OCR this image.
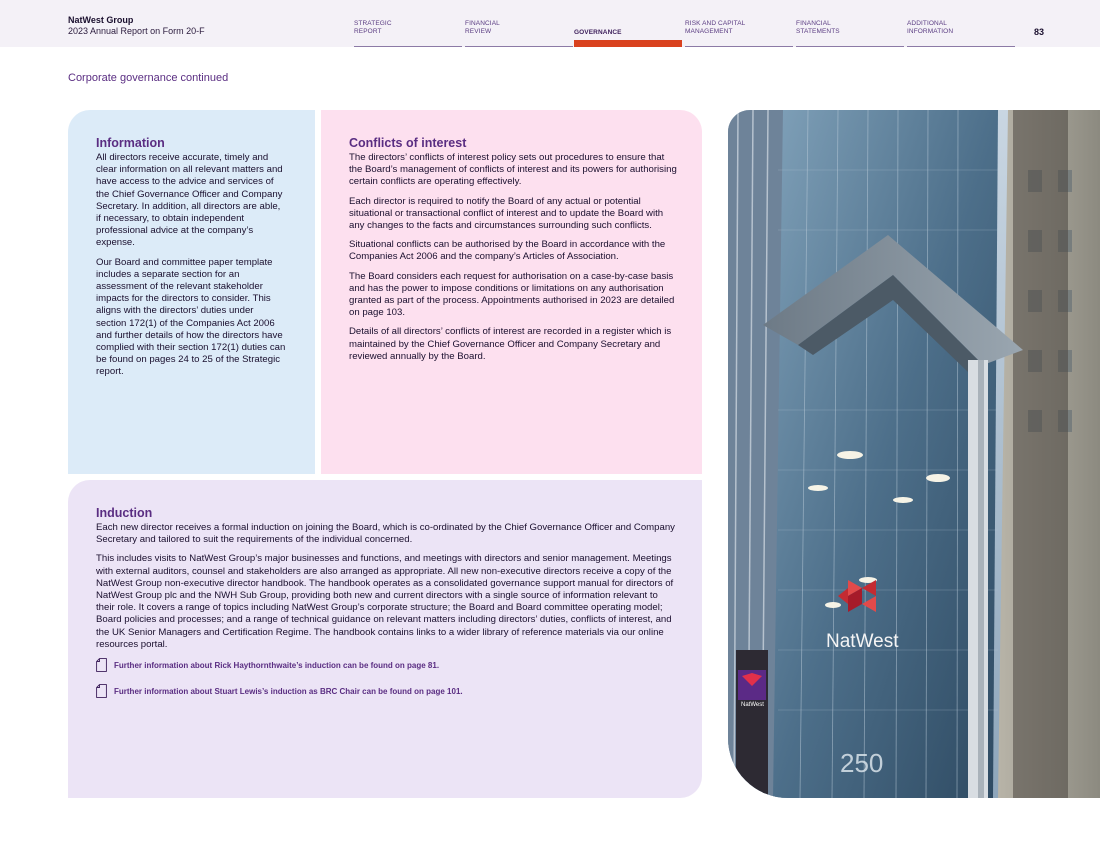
NatWest Group
2023 Annual Report on Form 20-F
STRATEGIC REPORT
FINANCIAL REVIEW	GOVERNANCE
RISK AND CAPITAL MANAGEMENT
FINANCIAL STATEMENTS
ADDITIONAL INFORMATION	83
Corporate governance continued
Information

All directors receive accurate, timely and clear information on all relevant matters and have access to the advice and services of the Chief Governance Officer and Company Secretary. In addition, all directors are able, if necessary, to obtain independent professional advice at the company’s expense.

Our Board and committee paper template includes a separate section for an assessment of the relevant stakeholder impacts for the directors to consider. This aligns with the directors’ duties under section 172(1) of the Companies Act 2006 and further details of how the directors have complied with their section 172(1) duties can be found on pages 24 to 25 of the Strategic report.

Conflicts of interest

The directors’ conflicts of interest policy sets out procedures to ensure that the Board’s management of conflicts of interest and its powers for authorising certain conflicts are operating effectively.

Each director is required to notify the Board of any actual or potential situational or transactional conflict of interest and to update the Board with any changes to the facts and circumstances surrounding such conflicts.

Situational conflicts can be authorised by the Board in accordance with the Companies Act 2006 and the company’s Articles of Association.

The Board considers each request for authorisation on a case-by-case basis and has the power to impose conditions or limitations on any authorisation granted as part of the process. Appointments authorised in 2023 are detailed on page 103.

Details of all directors’ conflicts of interest are recorded in a register which is maintained by the Chief Governance Officer and Company Secretary and reviewed annually by the Board.

Induction

Each new director receives a formal induction on joining the Board, which is co-ordinated by the Chief Governance Officer and Company Secretary and tailored to suit the requirements of the individual concerned.

This includes visits to NatWest Group’s major businesses and functions, and meetings with directors and senior management. Meetings with external auditors, counsel and stakeholders are also arranged as appropriate. All new non-executive directors receive a copy of the NatWest Group non-executive director handbook. The handbook operates as a consolidated governance support manual for directors of NatWest Group plc and the NWH Sub Group, providing both new and current directors with a single source of information relevant to their role. It covers a range of topics including NatWest Group’s corporate structure; the Board and Board committee operating model; Board policies and processes; and a range of technical guidance on relevant matters including directors’ duties, conflicts of interest, and the UK Senior Managers and Certification Regime. The handbook contains links to a wider library of reference materials via our online resources portal.

Further information about Rick Haythornthwaite’s induction can be found on page 81.
Further information about Stuart Lewis’s induction as BRC Chair can be found on page 101.
NatWest
NatWest
250
